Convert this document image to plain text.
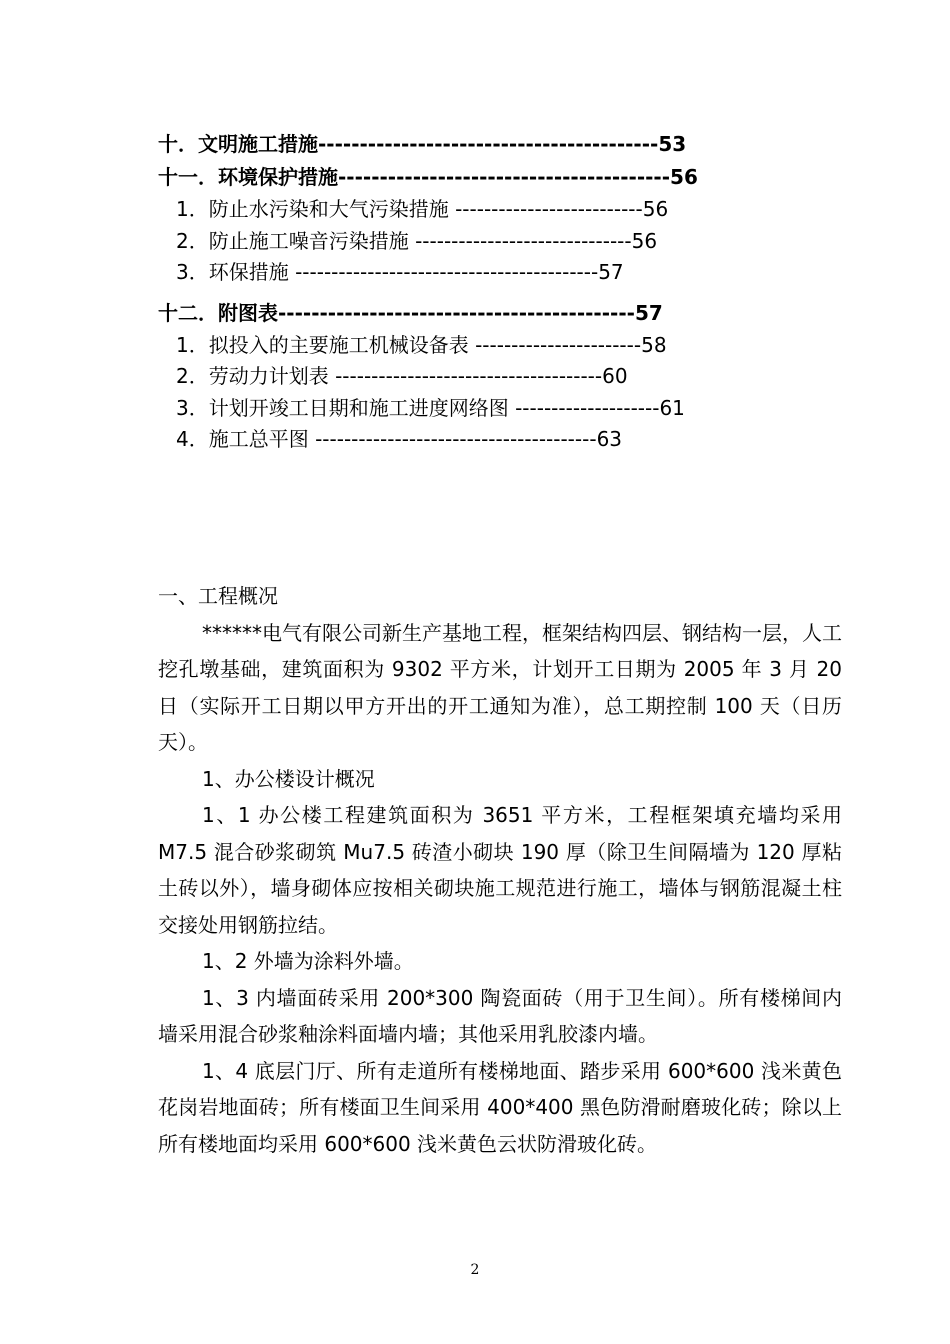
十．文明施工措施-----------------------------------------53
十一．环境保护措施----------------------------------------56
1．防止水污染和大气污染措施 --------------------------56
2．防止施工噪音污染措施 ------------------------------56
3．环保措施 ------------------------------------------57
十二．附图表-------------------------------------------57
1．拟投入的主要施工机械设备表 -----------------------58
2．劳动力计划表 -------------------------------------60
3．计划开竣工日期和施工进度网络图 --------------------61
4．施工总平图 ---------------------------------------63

一、工程概况

******电气有限公司新生产基地工程，框架结构四层、钢结构一层，人工挖孔墩基础，建筑面积为 9302 平方米，计划开工日期为 2005 年 3 月 20 日（实际开工日期以甲方开出的开工通知为准），总工期控制 100 天（日历天）。

1、办公楼设计概况

1、1 办公楼工程建筑面积为 3651 平方米，工程框架填充墙均采用 M7.5 混合砂浆砌筑 Mu7.5 砖渣小砌块 190 厚（除卫生间隔墙为 120 厚粘土砖以外），墙身砌体应按相关砌块施工规范进行施工，墙体与钢筋混凝土柱交接处用钢筋拉结。

1、2 外墙为涂料外墙。

1、3 内墙面砖采用 200*300 陶瓷面砖（用于卫生间）。所有楼梯间内墙采用混合砂浆釉涂料面墙内墙；其他采用乳胶漆内墙。

1、4 底层门厅、所有走道所有楼梯地面、踏步采用 600*600 浅米黄色花岗岩地面砖；所有楼面卫生间采用 400*400 黑色防滑耐磨玻化砖；除以上所有楼地面均采用 600*600 浅米黄色云状防滑玻化砖。

2
